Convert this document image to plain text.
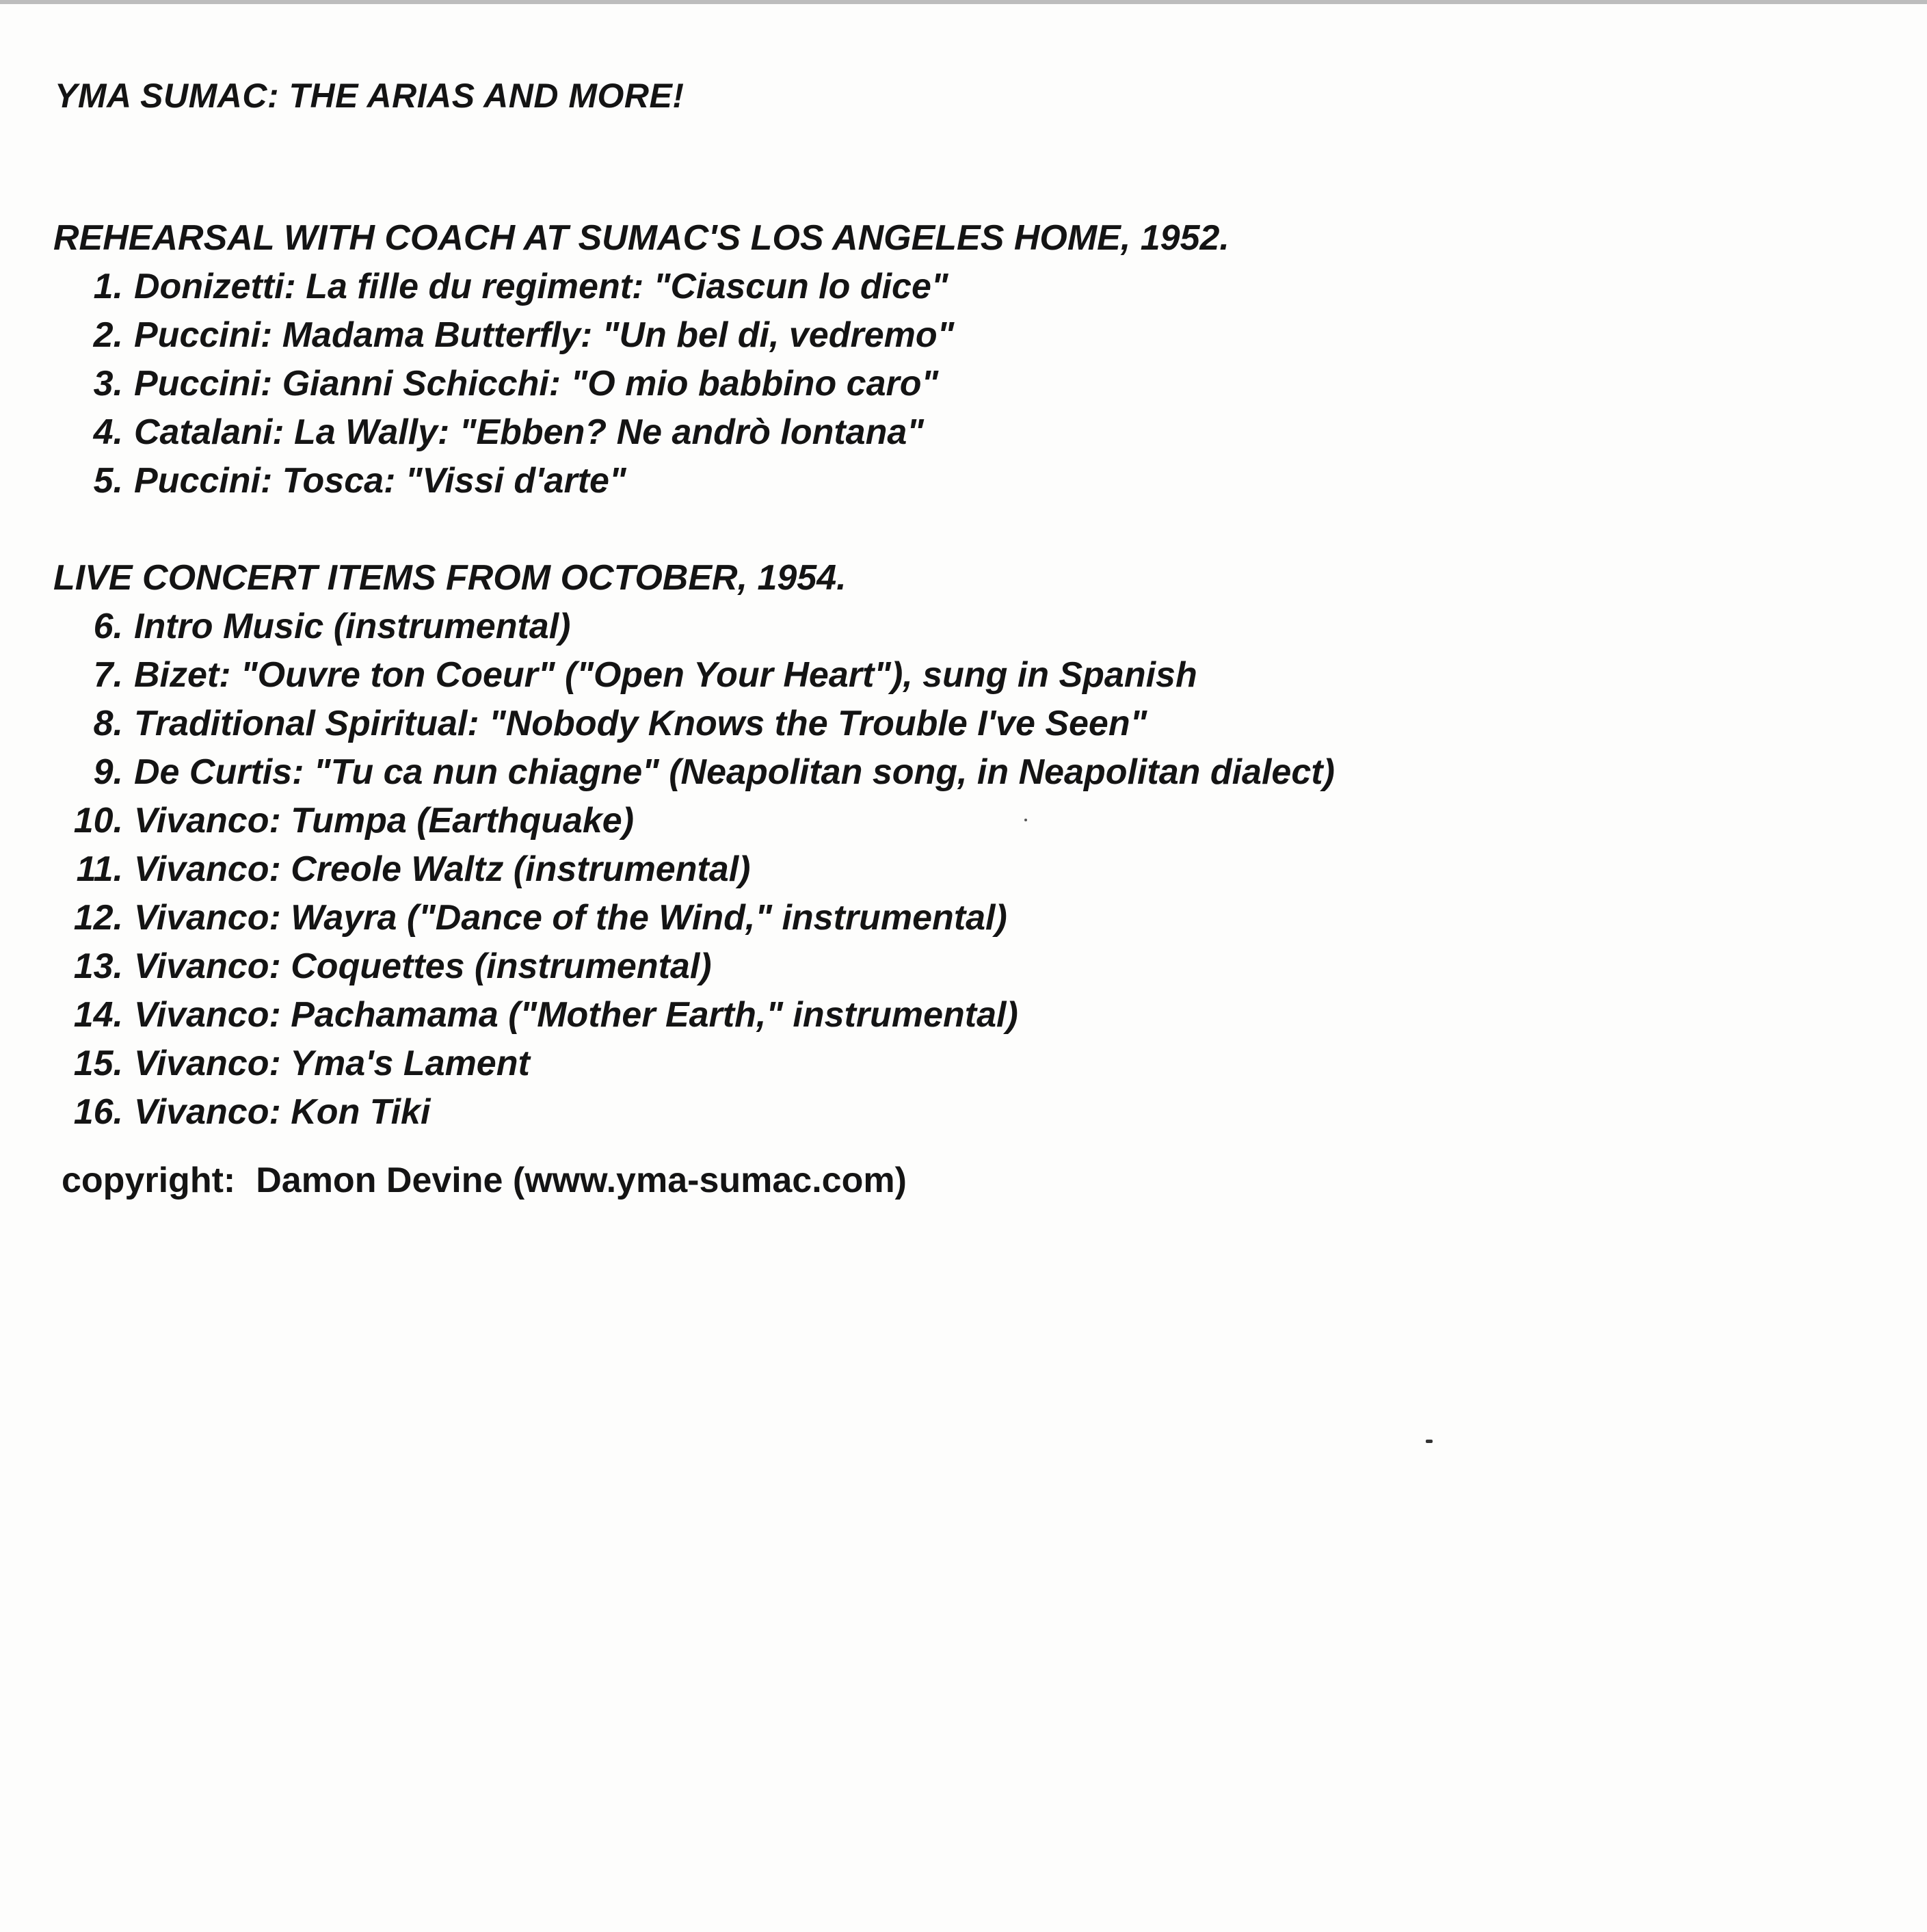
YMA SUMAC: THE ARIAS AND MORE!
REHEARSAL WITH COACH AT SUMAC'S LOS ANGELES HOME, 1952.
1. Donizetti: La fille du regiment: "Ciascun lo dice"
2. Puccini: Madama Butterfly: "Un bel di, vedremo"
3. Puccini: Gianni Schicchi: "O mio babbino caro"
4. Catalani: La Wally: "Ebben? Ne andrò lontana"
5. Puccini: Tosca: "Vissi d'arte"
LIVE CONCERT ITEMS FROM OCTOBER, 1954.
6. Intro Music (instrumental)
7. Bizet: "Ouvre ton Coeur" ("Open Your Heart"), sung in Spanish
8. Traditional Spiritual: "Nobody Knows the Trouble I've Seen"
9. De Curtis: "Tu ca nun chiagne" (Neapolitan song, in Neapolitan dialect)
10. Vivanco: Tumpa (Earthquake)
11. Vivanco: Creole Waltz (instrumental)
12. Vivanco: Wayra ("Dance of the Wind," instrumental)
13. Vivanco: Coquettes (instrumental)
14. Vivanco: Pachamama ("Mother Earth," instrumental)
15. Vivanco: Yma's Lament
16. Vivanco: Kon Tiki
copyright: Damon Devine (www.yma-sumac.com)
